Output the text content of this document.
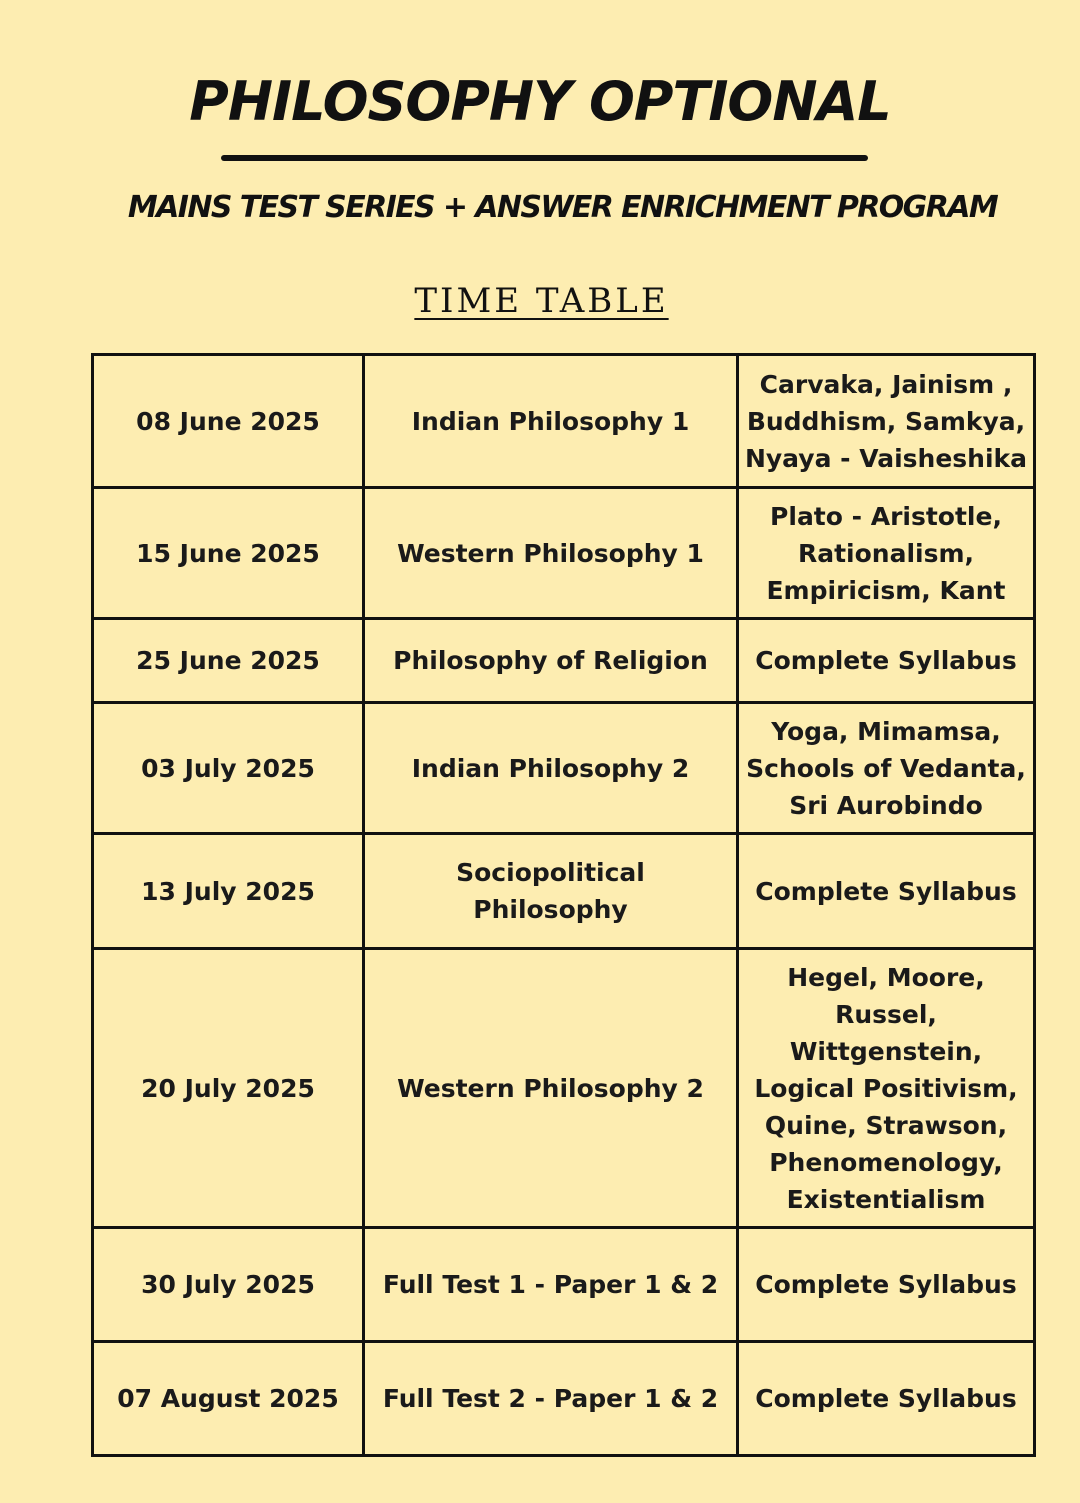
PHILOSOPHY OPTIONAL
MAINS TEST SERIES + ANSWER ENRICHMENT PROGRAM
TIME TABLE
08 June 2025	Indian Philosophy 1	Carvaka, Jainism , Buddhism, Samkya, Nyaya - Vaisheshika
15 June 2025	Western Philosophy 1	Plato - Aristotle, Rationalism, Empiricism, Kant
25 June 2025	Philosophy of Religion	Complete Syllabus
03 July 2025	Indian Philosophy 2	Yoga, Mimamsa, Schools of Vedanta, Sri Aurobindo
13 July 2025	Sociopolitical Philosophy	Complete Syllabus
20 July 2025	Western Philosophy 2	Hegel, Moore, Russel, Wittgenstein, Logical Positivism, Quine, Strawson, Phenomenology, Existentialism
30 July 2025	Full Test 1 - Paper 1 & 2	Complete Syllabus
07 August 2025	Full Test 2 - Paper 1 & 2	Complete Syllabus
